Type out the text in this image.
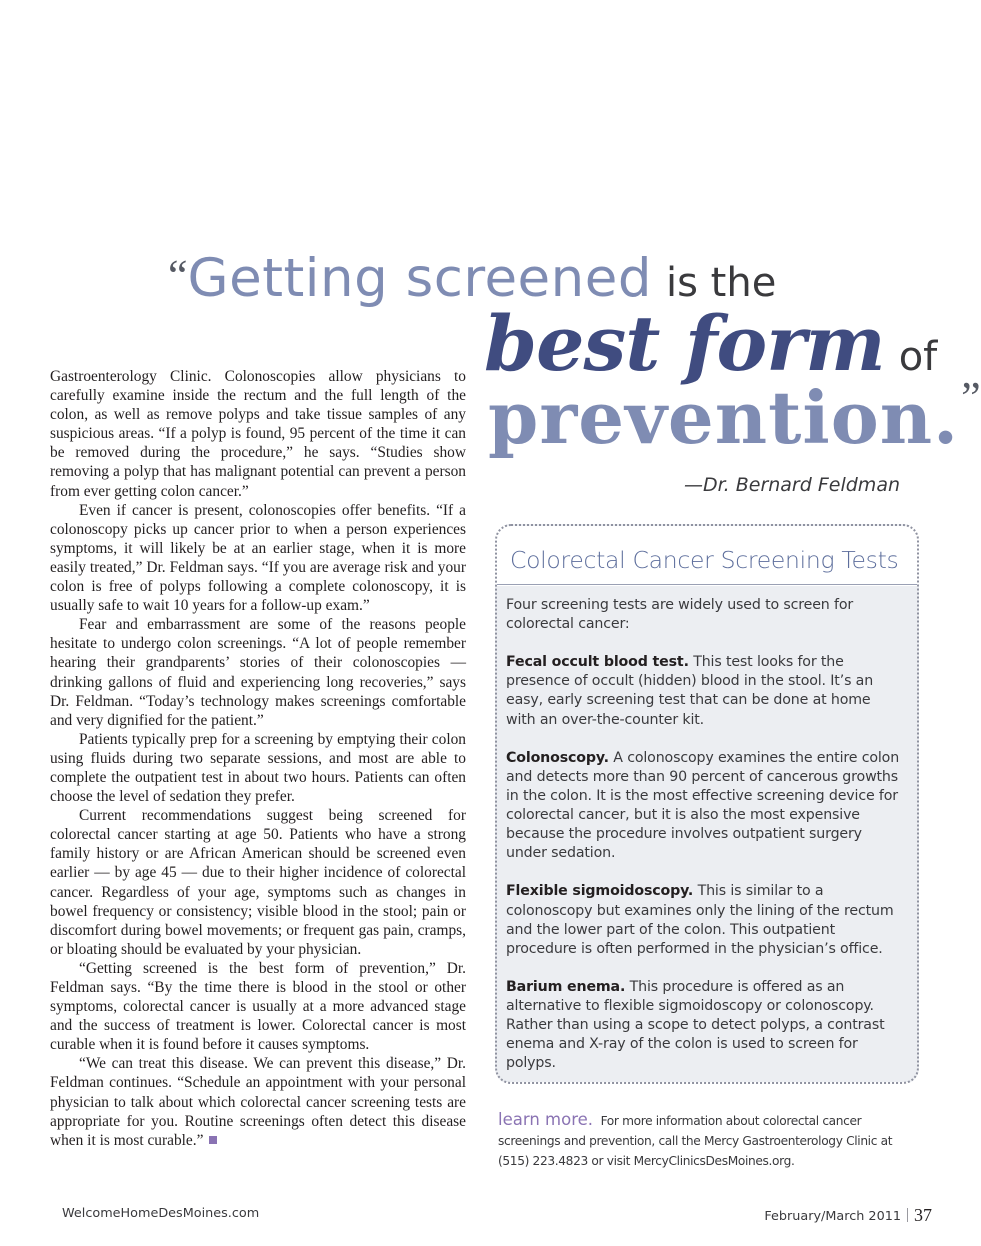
“Getting screened is the
best form of
prevention.”
—Dr. Bernard Feldman

Gastroenterology Clinic. Colonoscopies allow physicians to carefully examine inside the rectum and the full length of the colon, as well as remove polyps and take tissue samples of any suspicious areas. “If a polyp is found, 95 percent of the time it can be removed during the procedure,” he says. “Studies show removing a polyp that has malignant potential can prevent a person from ever getting colon cancer.”

Even if cancer is present, colonoscopies offer benefits. “If a colonoscopy picks up cancer prior to when a person experiences symptoms, it will likely be at an earlier stage, when it is more easily treated,” Dr. Feldman says. “If you are average risk and your colon is free of polyps following a complete colonoscopy, it is usually safe to wait 10 years for a follow-up exam.”

Fear and embarrassment are some of the reasons people hesitate to undergo colon screenings. “A lot of people remember hearing their grandparents’ stories of their colonoscopies — drinking gallons of fluid and experiencing long recoveries,” says Dr. Feldman. “Today’s technology makes screenings comfortable and very dignified for the patient.”

Patients typically prep for a screening by emptying their colon using fluids during two separate sessions, and most are able to complete the outpatient test in about two hours. Patients can often choose the level of sedation they prefer.

Current recommendations suggest being screened for colorectal cancer starting at age 50. Patients who have a strong family history or are African American should be screened even earlier — by age 45 — due to their higher incidence of colorectal cancer. Regardless of your age, symptoms such as changes in bowel frequency or consistency; visible blood in the stool; pain or discomfort during bowel movements; or frequent gas pain, cramps, or bloating should be evaluated by your physician.

“Getting screened is the best form of prevention,” Dr. Feldman says. “By the time there is blood in the stool or other symptoms, colorectal cancer is usually at a more advanced stage and the success of treatment is lower. Colorectal cancer is most curable when it is found before it causes symptoms.

“We can treat this disease. We can prevent this disease,” Dr. Feldman continues. “Schedule an appointment with your personal physician to talk about which colorectal cancer screening tests are appropriate for you. Routine screenings often detect this disease when it is most curable.”

Colorectal Cancer Screening Tests

Four screening tests are widely used to screen for colorectal cancer:

Fecal occult blood test. This test looks for the presence of occult (hidden) blood in the stool. It’s an easy, early screening test that can be done at home with an over-the-counter kit.

Colonoscopy. A colonoscopy examines the entire colon and detects more than 90 percent of cancerous growths in the colon. It is the most effective screening device for colorectal cancer, but it is also the most expensive because the procedure involves outpatient surgery under sedation.

Flexible sigmoidoscopy. This is similar to a colonoscopy but examines only the lining of the rectum and the lower part of the colon. This outpatient procedure is often performed in the physician’s office.

Barium enema. This procedure is offered as an alternative to flexible sigmoidoscopy or colonoscopy. Rather than using a scope to detect polyps, a contrast enema and X-ray of the colon is used to screen for polyps.

learn more. For more information about colorectal cancer screenings and prevention, call the Mercy Gastroenterology Clinic at (515) 223.4823 or visit MercyClinicsDesMoines.org.
WelcomeHomeDesMoines.com	February/March 2011 37
